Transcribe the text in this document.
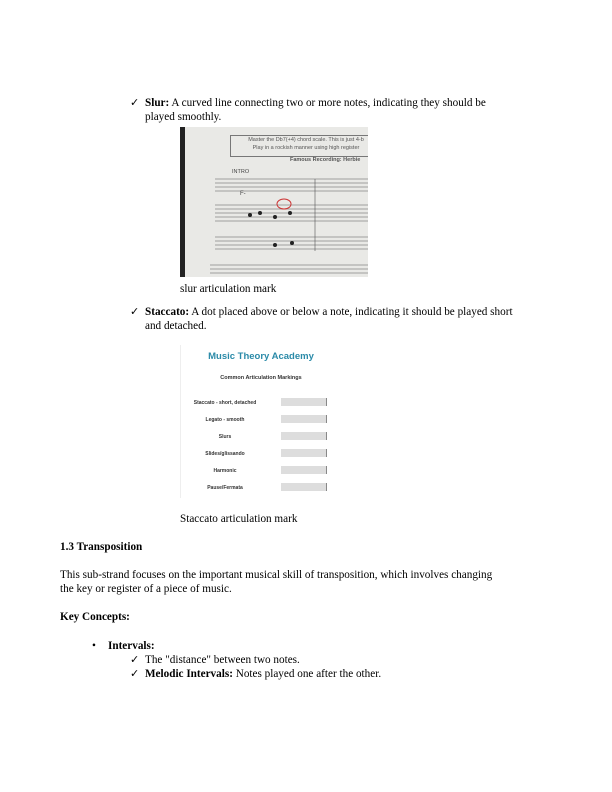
✓ Slur: A curved line connecting two or more notes, indicating they should be
played smoothly.
Master the Db7(+4) chord scale. This is just 4-b
Play in a rockish manner using high register
Famous Recording: Herbie
INTRO
F-
slur articulation mark
✓ Staccato: A dot placed above or below a note, indicating it should be played short
and detached.
Music Theory Academy
Common Articulation Markings
Staccato - short, detached
Legato - smooth
Slurs
Slides/glissando
Harmonic
Pause/Fermata
Staccato articulation mark
1.3 Transposition
This sub-strand focuses on the important musical skill of transposition, which involves changing
the key or register of a piece of music.
Key Concepts:
• Intervals:
✓ The "distance" between two notes.
✓ Melodic Intervals: Notes played one after the other.
